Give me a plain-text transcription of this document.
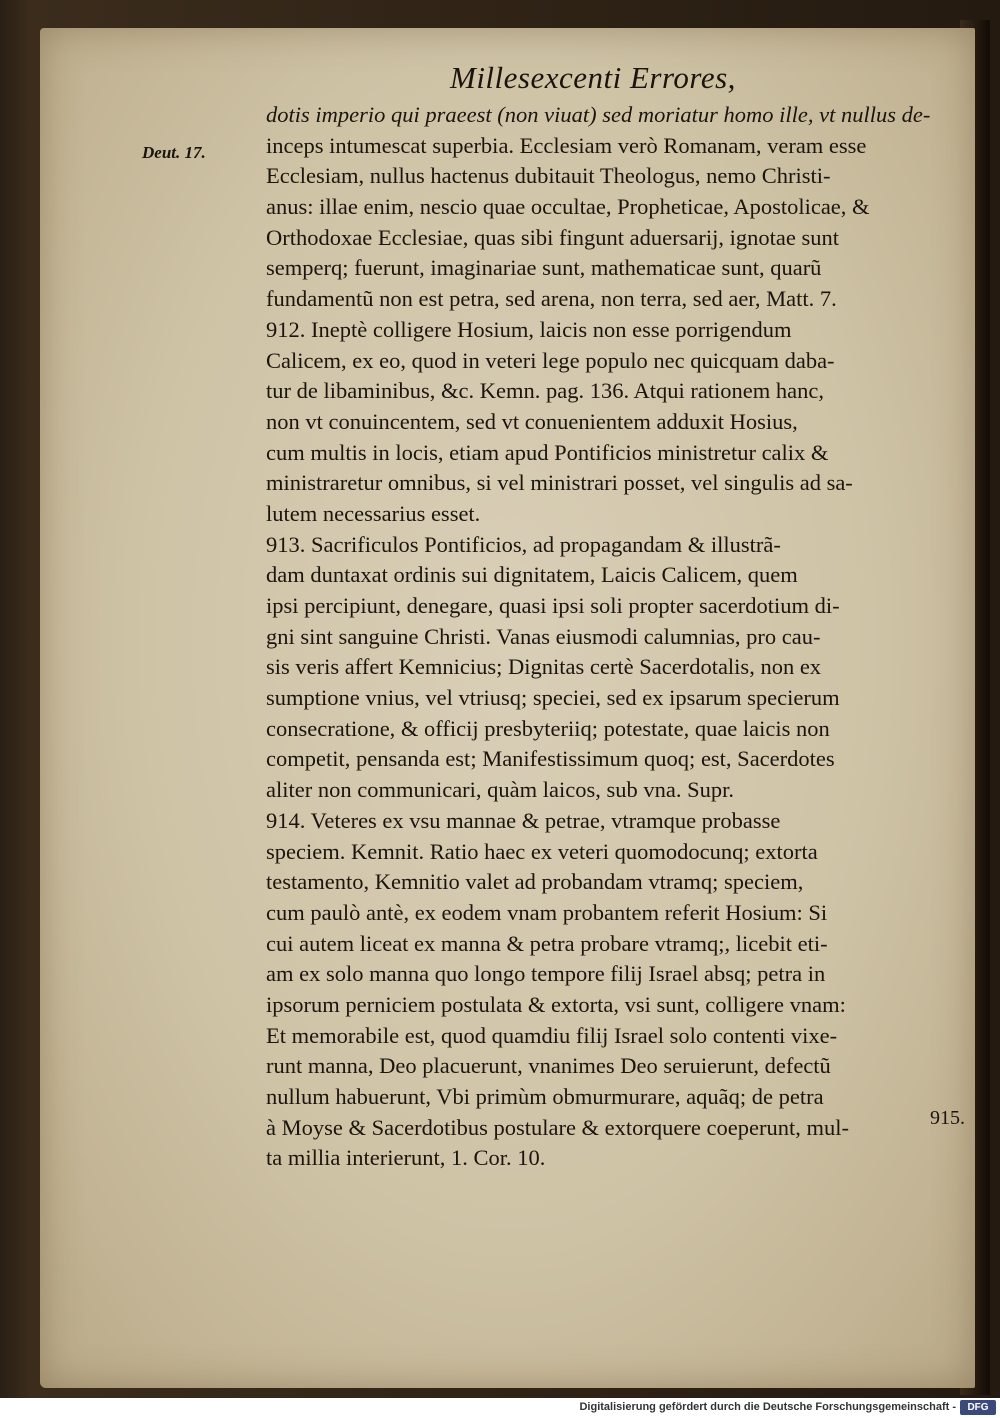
Millesexcenti Errores,
Deut. 17.
dotis imperio qui praeest (non viuat) sed moriatur homo ille, vt nullus de-
inceps intumescat superbia. Ecclesiam verò Romanam, veram esse
Ecclesiam, nullus hactenus dubitauit Theologus, nemo Christi-
anus: illae enim, nescio quae occultae, Propheticae, Apostolicae, &
Orthodoxae Ecclesiae, quas sibi fingunt aduersarij, ignotae sunt
semperq; fuerunt, imaginariae sunt, mathematicae sunt, quarũ
fundamentũ non est petra, sed arena, non terra, sed aer, Matt. 7.
912. Ineptè colligere Hosium, laicis non esse porrigendum
Calicem, ex eo, quod in veteri lege populo nec quicquam daba-
tur de libaminibus, &c. Kemn. pag. 136. Atqui rationem hanc,
non vt conuincentem, sed vt conuenientem adduxit Hosius,
cum multis in locis, etiam apud Pontificios ministretur calix &
ministraretur omnibus, si vel ministrari posset, vel singulis ad sa-
lutem necessarius esset.
913. Sacrificulos Pontificios, ad propagandam & illustrã-
dam duntaxat ordinis sui dignitatem, Laicis Calicem, quem
ipsi percipiunt, denegare, quasi ipsi soli propter sacerdotium di-
gni sint sanguine Christi. Vanas eiusmodi calumnias, pro cau-
sis veris affert Kemnicius; Dignitas certè Sacerdotalis, non ex
sumptione vnius, vel vtriusq; speciei, sed ex ipsarum specierum
consecratione, & officij presbyteriiq; potestate, quae laicis non
competit, pensanda est; Manifestissimum quoq; est, Sacerdotes
aliter non communicari, quàm laicos, sub vna. Supr.
914. Veteres ex vsu mannae & petrae, vtramque probasse
speciem. Kemnit. Ratio haec ex veteri quomodocunq; extorta
testamento, Kemnitio valet ad probandam vtramq; speciem,
cum paulò antè, ex eodem vnam probantem referit Hosium: Si
cui autem liceat ex manna & petra probare vtramq;, licebit eti-
am ex solo manna quo longo tempore filij Israel absq; petra in
ipsorum perniciem postulata & extorta, vsi sunt, colligere vnam:
Et memorabile est, quod quamdiu filij Israel solo contenti vixe-
runt manna, Deo placuerunt, vnanimes Deo seruierunt, defectũ
nullum habuerunt, Vbi primùm obmurmurare, aquãq; de petra
à Moyse & Sacerdotibus postulare & extorquere coeperunt, mul-
ta millia interierunt, 1. Cor. 10.
915.
Digitalisierung gefördert durch die Deutsche Forschungsgemeinschaft -	DFG
